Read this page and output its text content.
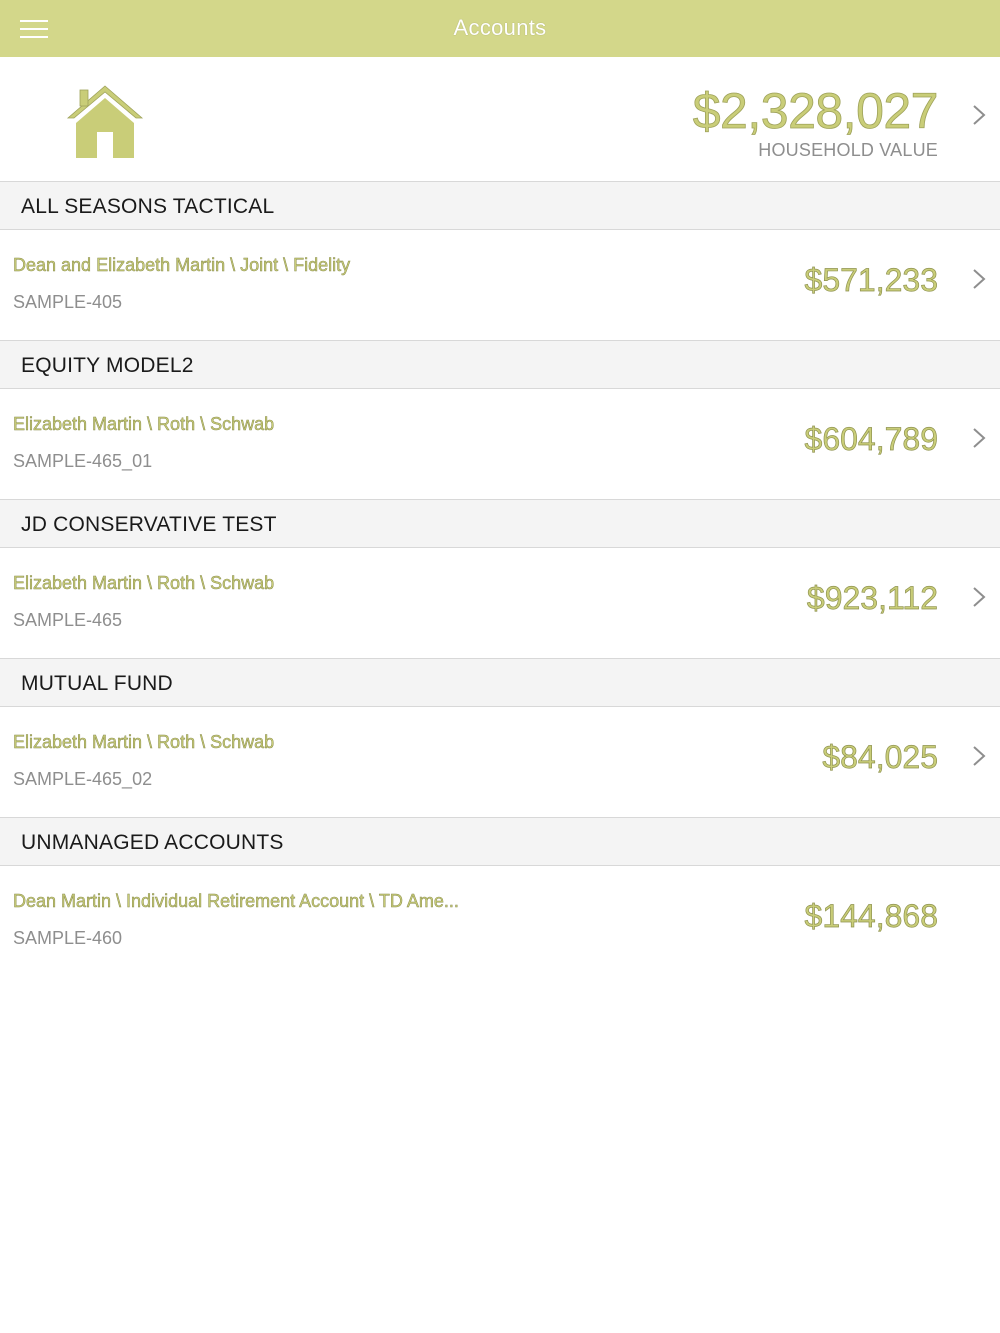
Accounts
$2,328,027
HOUSEHOLD VALUE
ALL SEASONS TACTICAL
Dean and Elizabeth Martin \ Joint \ Fidelity
SAMPLE-405
$571,233
EQUITY MODEL2
Elizabeth Martin \ Roth \ Schwab
SAMPLE-465_01
$604,789
JD CONSERVATIVE TEST
Elizabeth Martin \ Roth \ Schwab
SAMPLE-465
$923,112
MUTUAL FUND
Elizabeth Martin \ Roth \ Schwab
SAMPLE-465_02
$84,025
UNMANAGED ACCOUNTS
Dean Martin \ Individual Retirement Account \ TD Ame...
SAMPLE-460
$144,868
